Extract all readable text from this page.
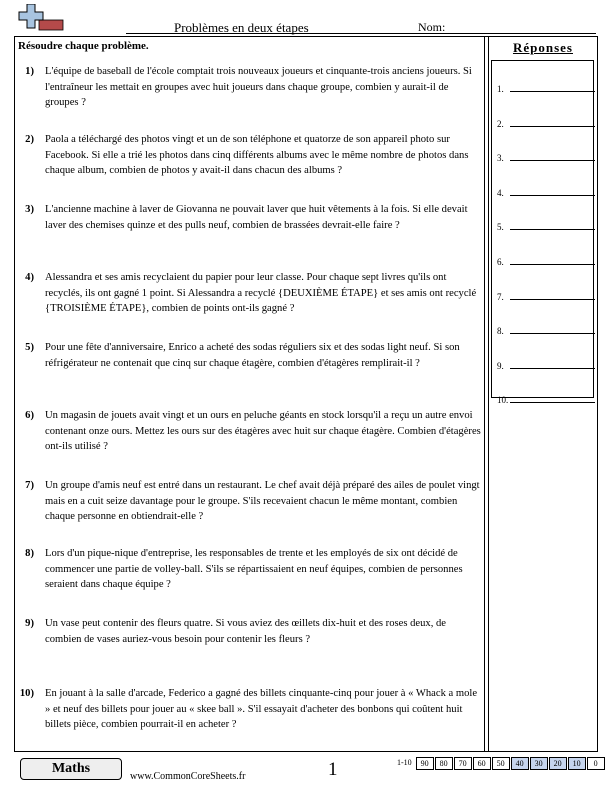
Problèmes en deux étapes	Nom:
Résoudre chaque problème.	Réponses
1.
2.
3.
4.
5.
6.
7.
8.
9.
10.
1) L'équipe de baseball de l'école comptait trois nouveaux joueurs et cinquante-trois anciens joueurs. Si l'entraîneur les mettait en groupes avec huit joueurs dans chaque groupe, combien y aurait-il de groupes ?
2) Paola a téléchargé des photos vingt et un de son téléphone et quatorze de son appareil photo sur Facebook. Si elle a trié les photos dans cinq différents albums avec le même nombre de photos dans chaque album, combien de photos y avait-il dans chacun des albums ?
3) L'ancienne machine à laver de Giovanna ne pouvait laver que huit vêtements à la fois. Si elle devait laver des chemises quinze et des pulls neuf, combien de brassées devrait-elle faire ?
4) Alessandra et ses amis recyclaient du papier pour leur classe. Pour chaque sept livres qu'ils ont recyclés, ils ont gagné 1 point. Si Alessandra a recyclé {DEUXIÈME ÉTAPE} et ses amis ont recyclé {TROISIÈME ÉTAPE}, combien de points ont-ils gagné ?
5) Pour une fête d'anniversaire, Enrico a acheté des sodas réguliers six et des sodas light neuf. Si son réfrigérateur ne contenait que cinq sur chaque étagère, combien d'étagères remplirait-il ?
6) Un magasin de jouets avait vingt et un ours en peluche géants en stock lorsqu'il a reçu un autre envoi contenant onze ours. Mettez les ours sur des étagères avec huit sur chaque étagère. Combien d'étagères ont-ils utilisé ?
7) Un groupe d'amis neuf est entré dans un restaurant. Le chef avait déjà préparé des ailes de poulet vingt mais en a cuit seize davantage pour le groupe. S'ils recevaient chacun le même montant, combien chaque personne en obtiendrait-elle ?
8) Lors d'un pique-nique d'entreprise, les responsables de trente et les employés de six ont décidé de commencer une partie de volley-ball. S'ils se répartissaient en neuf équipes, combien de personnes seraient dans chaque équipe ?
9) Un vase peut contenir des fleurs quatre. Si vous aviez des œillets dix-huit et des roses deux, de combien de vases auriez-vous besoin pour contenir les fleurs ?
10) En jouant à la salle d'arcade, Federico a gagné des billets cinquante-cinq pour jouer à « Whack a mole » et neuf des billets pour jouer au « skee ball ». S'il essayait d'acheter des bonbons qui coûtent huit billets pièce, combien pourrait-il en acheter ?
Maths
www.CommonCoreSheets.fr	1	1-10	90	80	70	60	50	40	30	20	10	0
